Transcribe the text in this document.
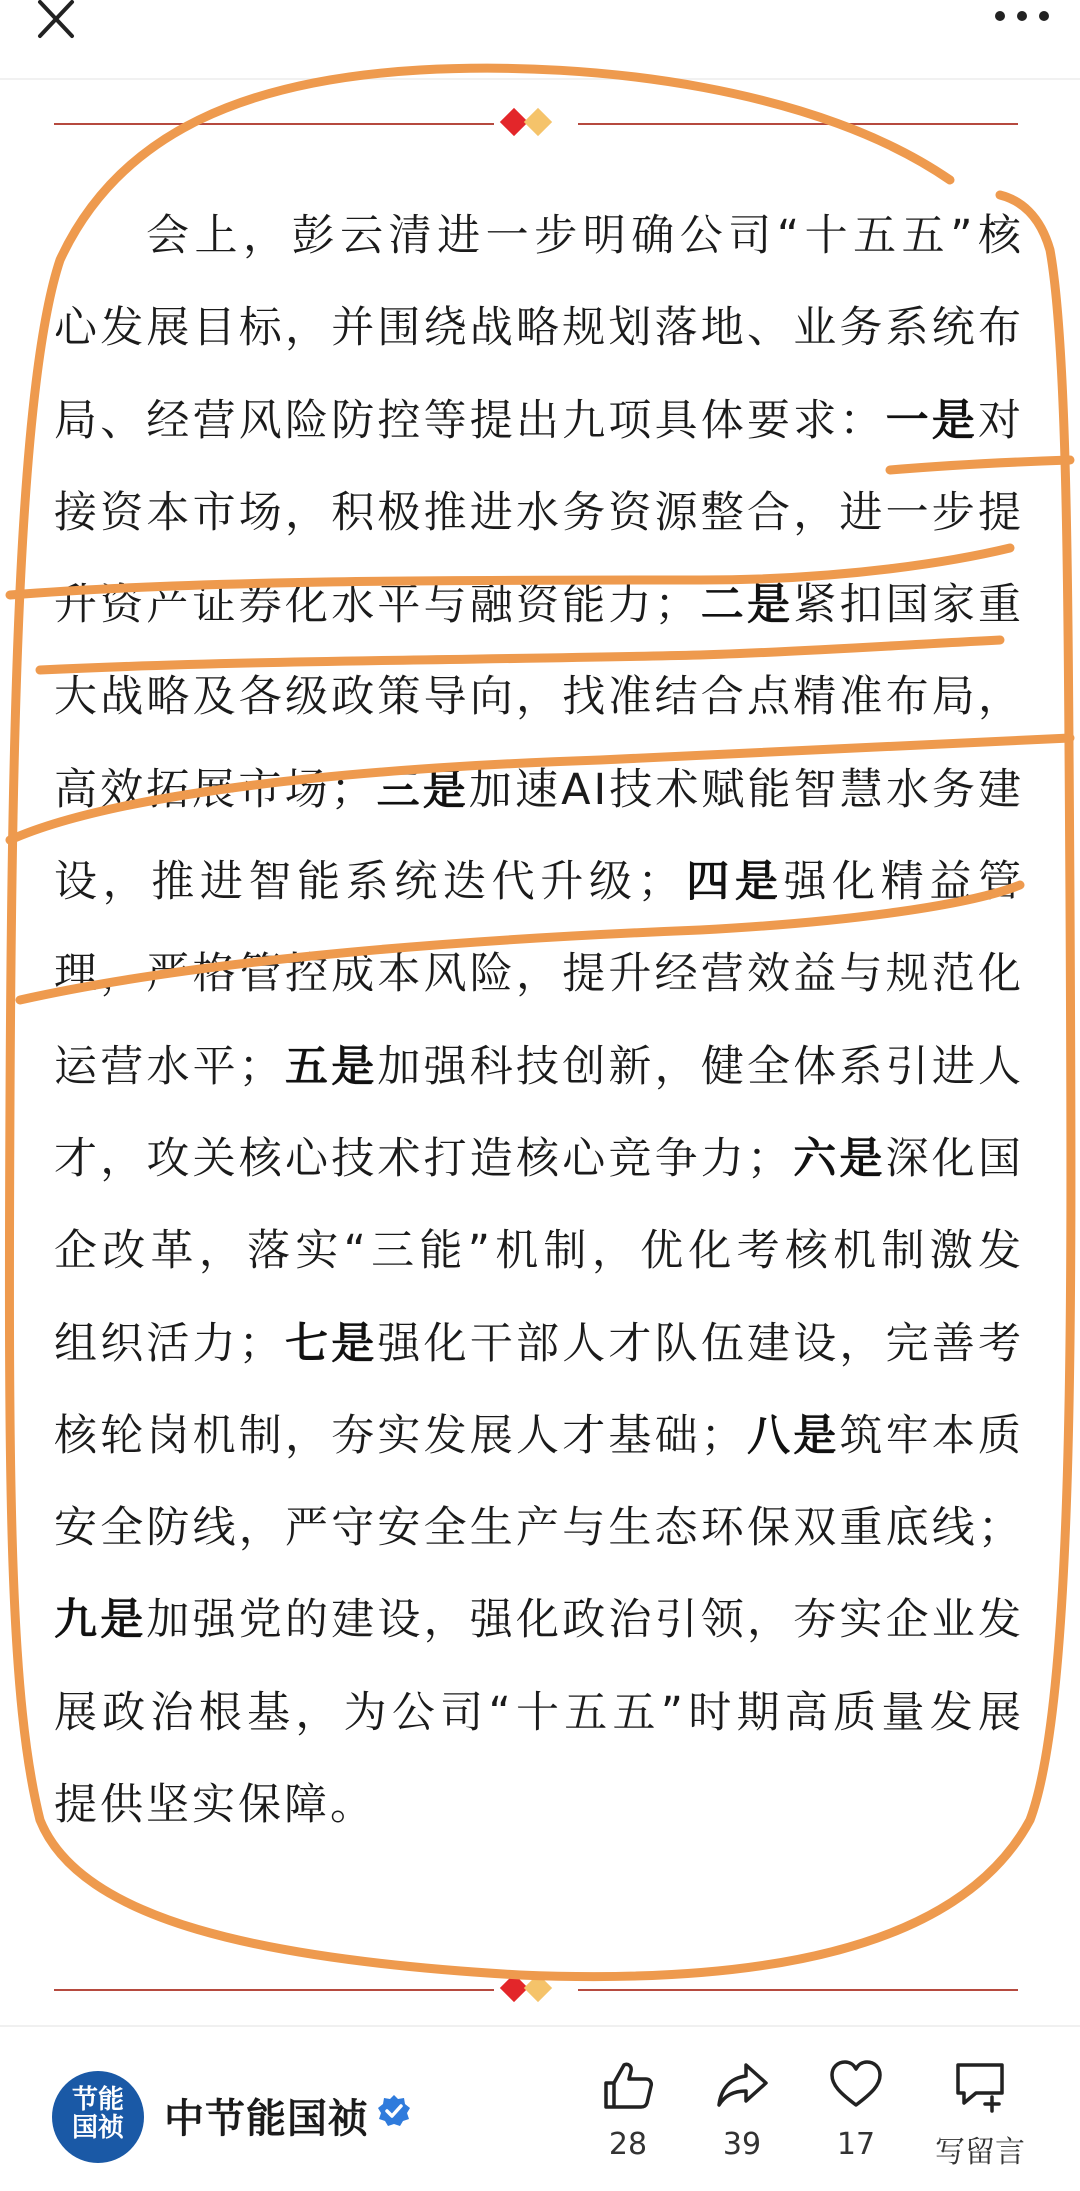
会上，彭云清进一步明确公司“十五五”核心发展目标，并围绕战略规划落地、业务系统布局、经营风险防控等提出九项具体要求：一是对接资本市场，积极推进水务资源整合，进一步提升资产证券化水平与融资能力；二是紧扣国家重大战略及各级政策导向，找准结合点精准布局，高效拓展市场；三是加速AI技术赋能智慧水务建设，推进智能系统迭代升级；四是强化精益管理，严格管控成本风险，提升经营效益与规范化运营水平；五是加强科技创新，健全体系引进人才，攻关核心技术打造核心竞争力；六是深化国企改革，落实“三能”机制，优化考核机制激发组织活力；七是强化干部人才队伍建设，完善考核轮岗机制，夯实发展人才基础；八是筑牢本质安全防线，严守安全生产与生态环保双重底线；九是加强党的建设，强化政治引领，夯实企业发展政治根基，为公司“十五五”时期高质量发展提供坚实保障。
节能
国祯	中节能国祯
28	39	17	写留言
